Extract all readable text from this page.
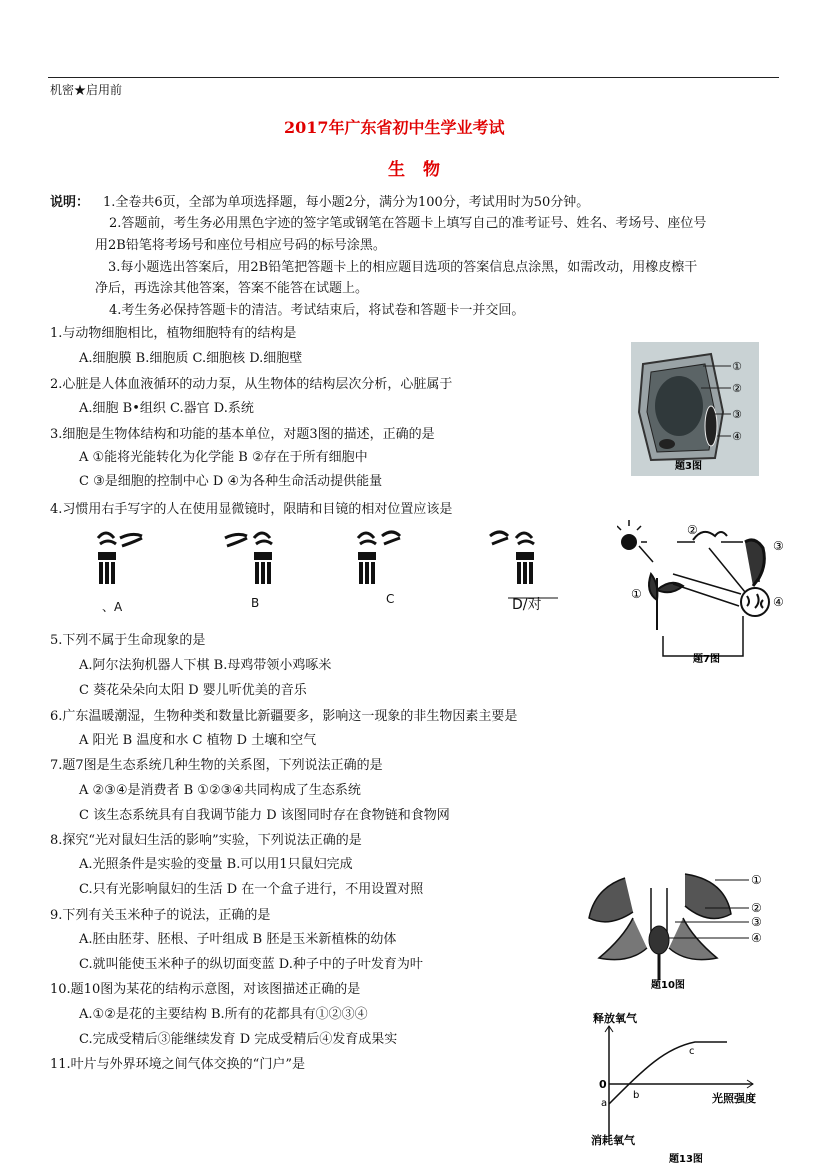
机密★启用前
2017年广东省初中生学业考试
生物
说明： 1.全卷共6页，全部为单项选择题，每小题2分，满分为100分，考试用时为50分钟。
2.答题前，考生务必用黑色字迹的签字笔或钢笔在答题卡上填写自己的准考证号、姓名、考场号、座位号
用2B铅笔将考场号和座位号相应号码的标号涂黑。
3.每小题选出答案后，用2B铅笔把答题卡上的相应题目选项的答案信息点涂黑，如需改动，用橡皮檫干
净后，再选涂其他答案，答案不能答在试题上。
4.考生务必保持答题卡的清洁。考试结束后，将试卷和答题卡一并交回。
1.与动物细胞相比，植物细胞特有的结构是
A.细胞膜 B.细胞质 C.细胞核 D.细胞壁
2.心脏是人体血液循环的动力泵，从生物体的结构层次分析，心脏属于
A.细胞 B•组织 C.器官 D.系统
3.细胞是生物体结构和功能的基本单位，对题3图的描述，正确的是
A ①能将光能转化为化学能 B ②存在于所有细胞中
C ③是细胞的控制中心 D ④为各种生命活动提供能量
4.习惯用右手写字的人在使用显微镜时，限睛和目镜的相对位置应该是
、A	B	C	D/对
5.下列不属于生命现象的是
A.阿尔法狗机器人下棋 B.母鸡带领小鸡啄米
C 葵花朵朵向太阳 D 婴儿听优美的音乐
6.广东温暖潮湿，生物种类和数量比新疆要多，影响这一现象的非生物因素主要是
A 阳光 B 温度和水 C 植物 D 土壤和空气
7.题7图是生态系统几种生物的关系图，下列说法正确的是
A ②③④是消费者 B ①②③④共同构成了生态系统
C 该生态系统具有自我调节能力 D 该图同时存在食物链和食物网
8.探究“光对鼠妇生活的影响”实验，下列说法正确的是
A.光照条件是实验的变量 B.可以用1只鼠妇完成
C.只有光影响鼠妇的生活 D 在一个盒子进行，不用设置对照
9.下列有关玉米种子的说法，正确的是
A.胚由胚芽、胚根、子叶组成 B 胚是玉米新植株的幼体
C.就叫能使玉米种子的纵切面变蓝 D.种子中的子叶发育为叶
10.题10图为某花的结构示意图，对该图描述正确的是
A.①②是花的主要结构 B.所有的花都具有①②③④
C.完成受精后③能继续发育 D 完成受精后④发育成果实
11.叶片与外界环境之间气体交换的“门户”是
①
②
③
④
题3图
②
③
①
④
题7图
①
②
③
④
题10图
释放氧气
0
a
b
c
光照强度
消耗氧气
题13图
